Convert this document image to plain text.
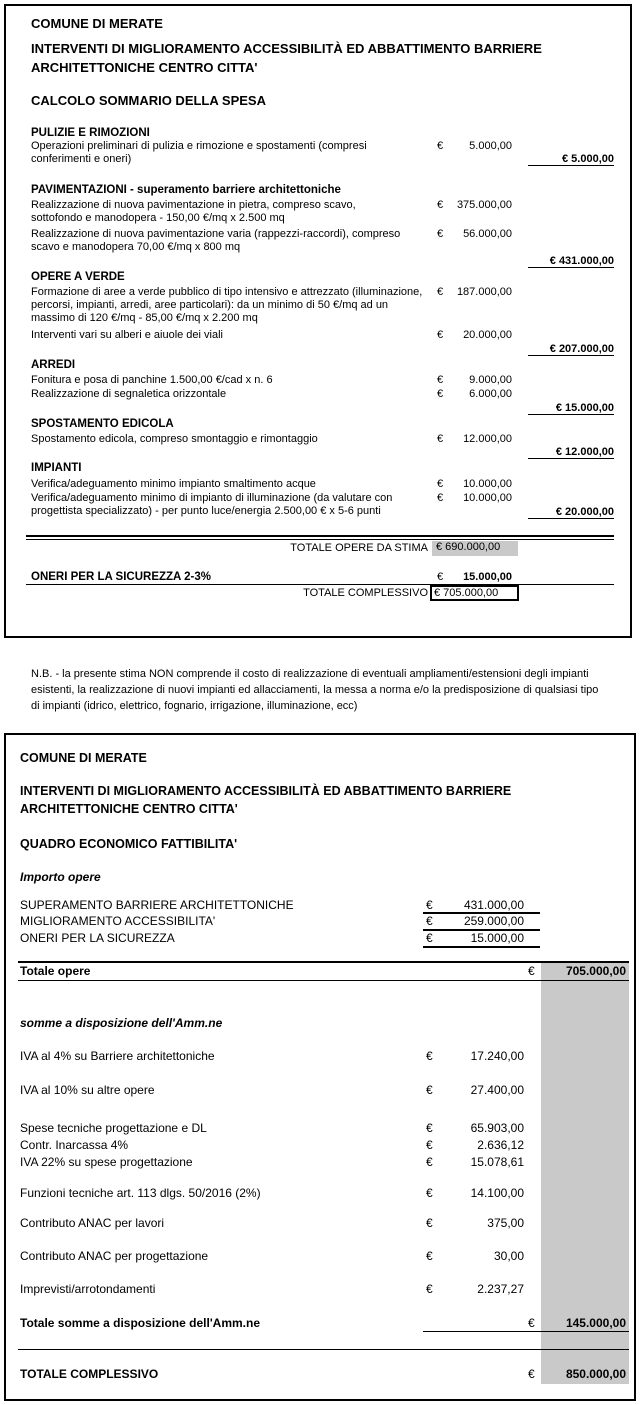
COMUNE DI MERATE
INTERVENTI DI MIGLIORAMENTO ACCESSIBILITÀ ED ABBATTIMENTO BARRIERE
ARCHITETTONICHE CENTRO CITTA'
CALCOLO SOMMARIO DELLA SPESA
PULIZIE E RIMOZIONI
Operazioni preliminari di pulizia e rimozione e spostamenti (compresi conferimenti e oneri)
€	5.000,00
€ 5.000,00
PAVIMENTAZIONI - superamento barriere architettoniche
Realizzazione di nuova pavimentazione in pietra, compreso scavo, sottofondo e manodopera - 150,00 €/mq x 2.500 mq
€	375.000,00
Realizzazione di nuova pavimentazione varia (rappezzi-raccordi), compreso scavo e manodopera 70,00 €/mq x 800 mq
€	56.000,00
€ 431.000,00
OPERE A VERDE
Formazione di aree a verde pubblico di tipo intensivo e attrezzato (illuminazione, percorsi, impianti, arredi, aree particolari): da un minimo di 50 €/mq ad un massimo di 120 €/mq - 85,00 €/mq x 2.200 mq
€	187.000,00
Interventi vari su alberi e aiuole dei viali	€	20.000,00
€ 207.000,00
ARREDI
Fonitura e posa di panchine 1.500,00 €/cad x n. 6	€	9.000,00
Realizzazione di segnaletica orizzontale	€	6.000,00
€ 15.000,00
SPOSTAMENTO EDICOLA
Spostamento edicola, compreso smontaggio e rimontaggio	€	12.000,00
€ 12.000,00
IMPIANTI
Verifica/adeguamento minimo impianto smaltimento acque	€	10.000,00
Verifica/adeguamento minimo di impianto di illuminazione (da valutare con progettista specializzato) - per punto luce/energia 2.500,00 € x 5-6 punti
€	10.000,00
€ 20.000,00
TOTALE OPERE DA STIMA € 690.000,00
ONERI PER LA SICUREZZA 2-3%	€	15.000,00
TOTALE COMPLESSIVO € 705.000,00
N.B. - la presente stima NON comprende il costo di realizzazione di eventuali ampliamenti/estensioni degli impianti esistenti, la realizzazione di nuovi impianti ed allacciamenti, la messa a norma e/o la predisposizione di qualsiasi tipo di impianti (idrico, elettrico, fognario, irrigazione, illuminazione, ecc)
COMUNE DI MERATE
INTERVENTI DI MIGLIORAMENTO ACCESSIBILITÀ ED ABBATTIMENTO BARRIERE
ARCHITETTONICHE CENTRO CITTA'
QUADRO ECONOMICO FATTIBILITA'
Importo opere
SUPERAMENTO BARRIERE ARCHITETTONICHE	€	431.000,00
MIGLIORAMENTO ACCESSIBILITA'	€	259.000,00
ONERI PER LA SICUREZZA	€	15.000,00
Totale opere	€	705.000,00
somme a disposizione dell'Amm.ne
IVA al 4% su Barriere architettoniche	€	17.240,00
IVA al 10% su altre opere	€	27.400,00
Spese tecniche progettazione e DL	€	65.903,00
Contr. Inarcassa 4%	€	2.636,12
IVA 22% su spese progettazione	€	15.078,61
Funzioni tecniche art. 113 dlgs. 50/2016 (2%)	€	14.100,00
Contributo ANAC per lavori	€	375,00
Contributo ANAC per progettazione	€	30,00
Imprevisti/arrotondamenti	€	2.237,27
Totale somme a disposizione dell'Amm.ne	€	145.000,00
TOTALE COMPLESSIVO	€	850.000,00
